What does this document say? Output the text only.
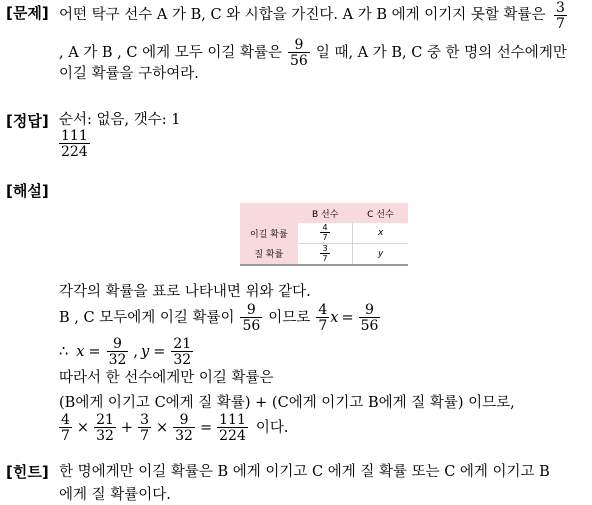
[문제]
[정답]
[해설]
[힌트]
어떤 탁구 선수 A 가 B, C 와 시합을 가진다. A 가 B 에게 이기지 못할 확률은 $\frac{3}{7}$
, A 가 B , C 에게 모두 이길 확률은 $\frac{9}{56}$ 일 때, A 가 B, C 중 한 명의 선수에게만
이길 확률을 구하여라.
순서: 없음, 갯수: 1
$\frac{111}{224}$
	B 선수	C 선수
이길 확률	$\frac{4}{7}$	x
질 확률	$\frac{3}{7}$	y
각각의 확률을 표로 나타내면 위와 같다.
B , C 모두에게 이길 확률이 $\frac{9}{56}$ 이므로 $\frac{4}{7}$ $x = \frac{9}{56}$
∴ $x = \frac{9}{32}$ , $y = \frac{21}{32}$
따라서 한 선수에게만 이길 확률은
(B에게 이기고 C에게 질 확률) + (C에게 이기고 B에게 질 확률) 이므로,
$\frac{4}{7} \times \frac{21}{32} + \frac{3}{7} \times \frac{9}{32} = \frac{111}{224}$ 이다.
한 명에게만 이길 확률은 B 에게 이기고 C 에게 질 확률 또는 C 에게 이기고 B
에게 질 확률이다.
